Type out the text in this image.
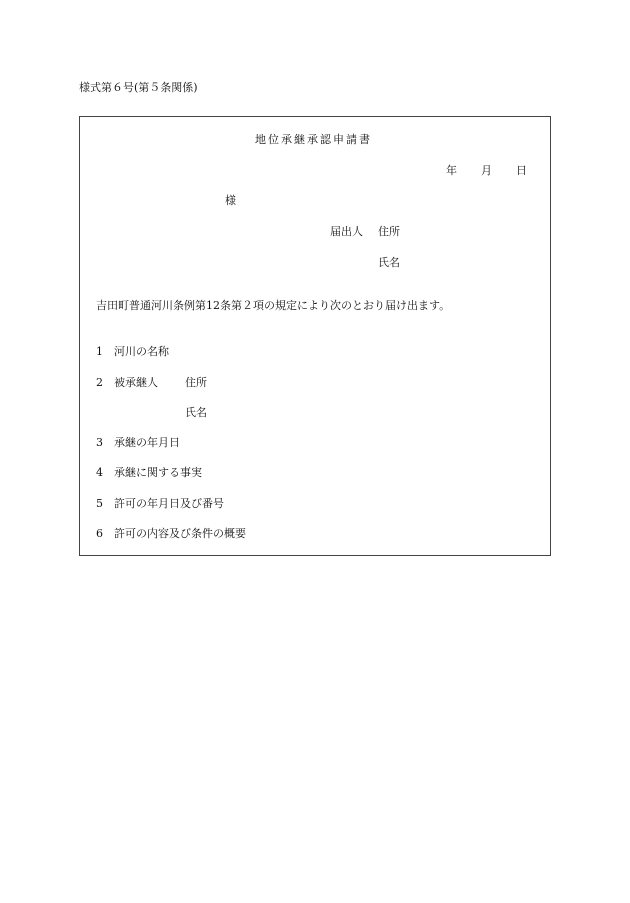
様式第６号(第５条関係)
地位承継承認申請書
年 月 日
様
届出人 住所
氏名
吉田町普通河川条例第12条第２項の規定により次のとおり届け出ます。
1 河川の名称
2 被承継人 住所
氏名
3 承継の年月日
4 承継に関する事実
5 許可の年月日及び番号
6 許可の内容及び条件の概要
